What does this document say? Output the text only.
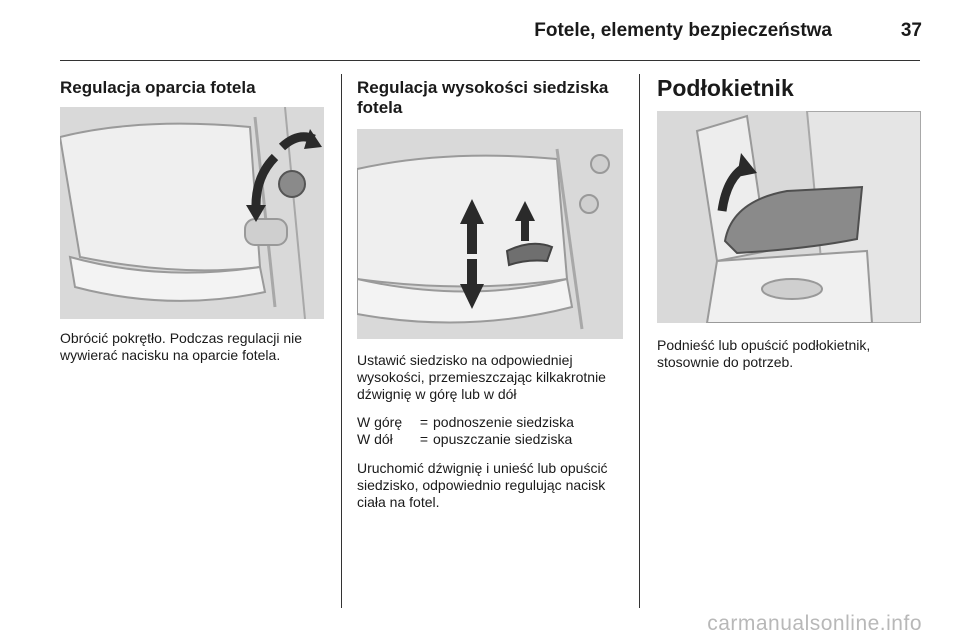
Fotele, elementy bezpieczeństwa	37
Regulacja oparcia fotela

Obrócić pokrętło. Podczas regulacji nie wywierać nacisku na oparcie fotela.

Regulacja wysokości siedziska fotela

Ustawić siedzisko na odpowiedniej wysokości, przemieszczając kilkakrotnie dźwignię w górę lub w dół

W górę	=	podnoszenie siedziska
W dół	=	opuszczanie siedziska

Uruchomić dźwignię i unieść lub opuścić siedzisko, odpowiednio regulując nacisk ciała na fotel.

Podłokietnik

Podnieść lub opuścić podłokietnik, stosownie do potrzeb.

carmanualsonline.info
